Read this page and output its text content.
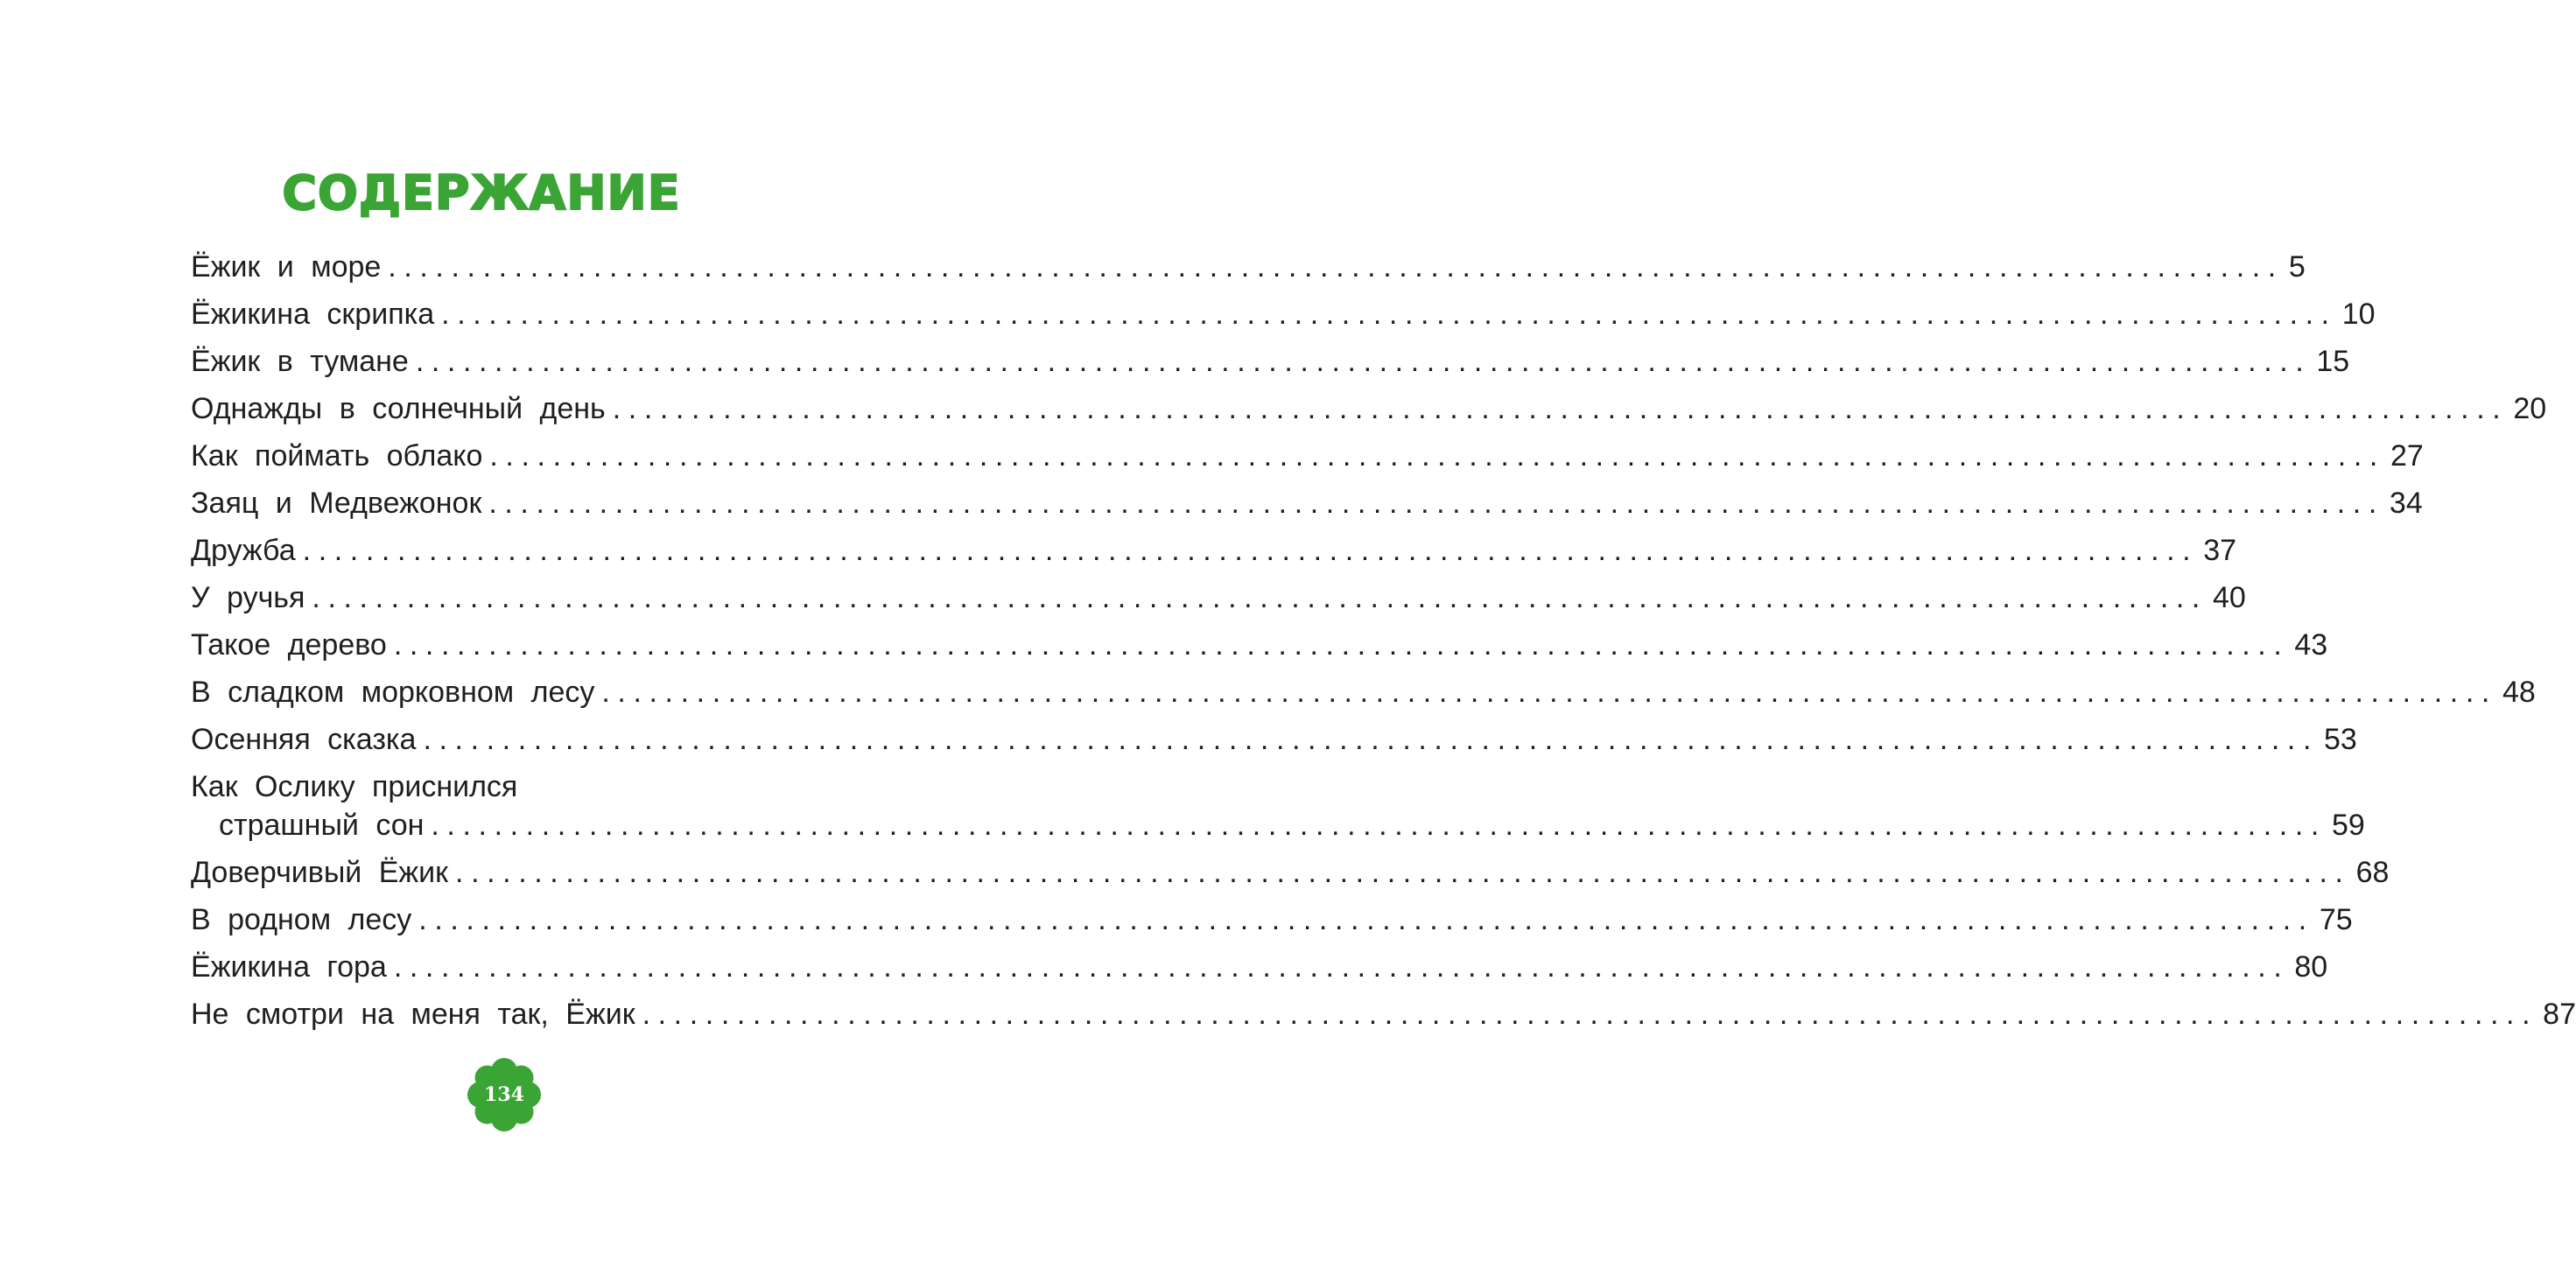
СОДЕРЖАНИЕ
Ёжик и море ........................................................................................................................ 5
Ёжикина скрипка ........................................................................................................................ 10
Ёжик в тумане ........................................................................................................................ 15
Однажды в солнечный день ........................................................................................................................ 20
Как поймать облако ........................................................................................................................ 27
Заяц и Медвежонок ........................................................................................................................ 34
Дружба ........................................................................................................................ 37
У ручья ........................................................................................................................ 40
Такое дерево ........................................................................................................................ 43
В сладком морковном лесу ........................................................................................................................ 48
Осенняя сказка ........................................................................................................................ 53
Как Ослику приснился
страшный сон ........................................................................................................................ 59
Доверчивый Ёжик ........................................................................................................................ 68
В родном лесу ........................................................................................................................ 75
Ёжикина гора ........................................................................................................................ 80
Не смотри на меня так, Ёжик ........................................................................................................................ 87
134
